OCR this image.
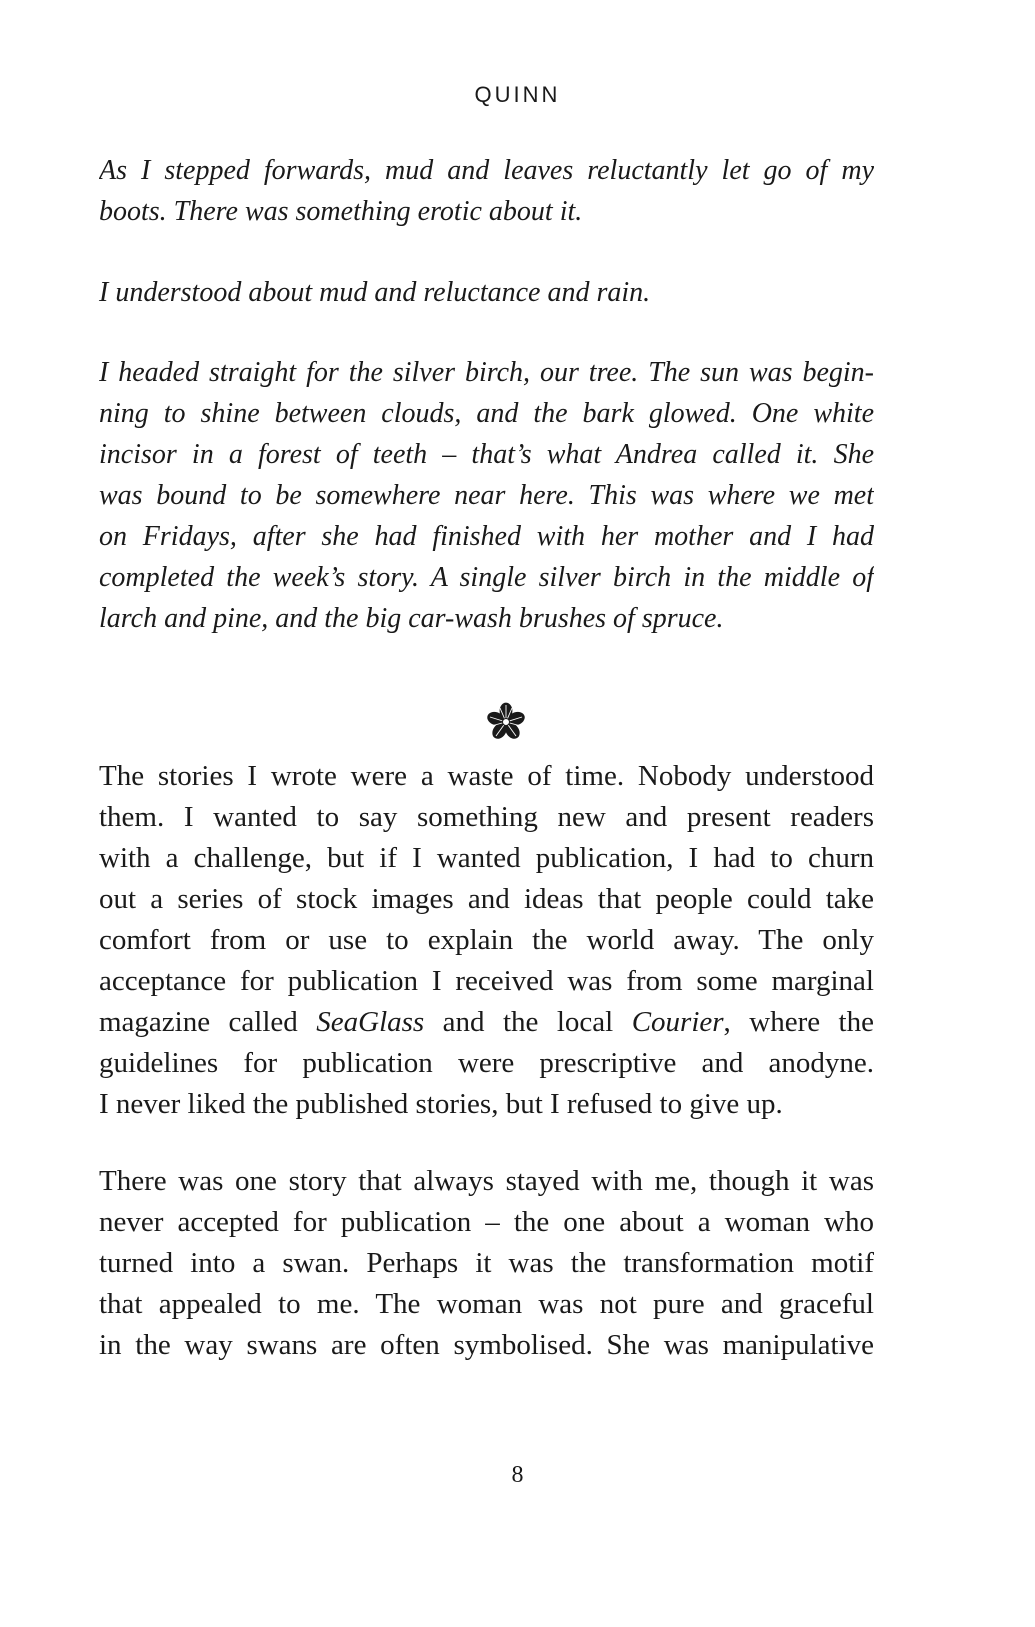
QUINN
As I stepped forwards, mud and leaves reluctantly let go of my
boots. There was something erotic about it.
I understood about mud and reluctance and rain.
I headed straight for the silver birch, our tree. The sun was begin-
ning to shine between clouds, and the bark glowed. One white
incisor in a forest of teeth – that’s what Andrea called it. She
was bound to be somewhere near here. This was where we met
on Fridays, after she had finished with her mother and I had
completed the week’s story. A single silver birch in the middle of
larch and pine, and the big car-wash brushes of spruce.
The stories I wrote were a waste of time. Nobody understood
them. I wanted to say something new and present readers
with a challenge, but if I wanted publication, I had to churn
out a series of stock images and ideas that people could take
comfort from or use to explain the world away. The only
acceptance for publication I received was from some marginal
magazine called SeaGlass and the local Courier, where the
guidelines for publication were prescriptive and anodyne.
I never liked the published stories, but I refused to give up.
There was one story that always stayed with me, though it was
never accepted for publication – the one about a woman who
turned into a swan. Perhaps it was the transformation motif
that appealed to me. The woman was not pure and graceful
in the way swans are often symbolised. She was manipulative
8
